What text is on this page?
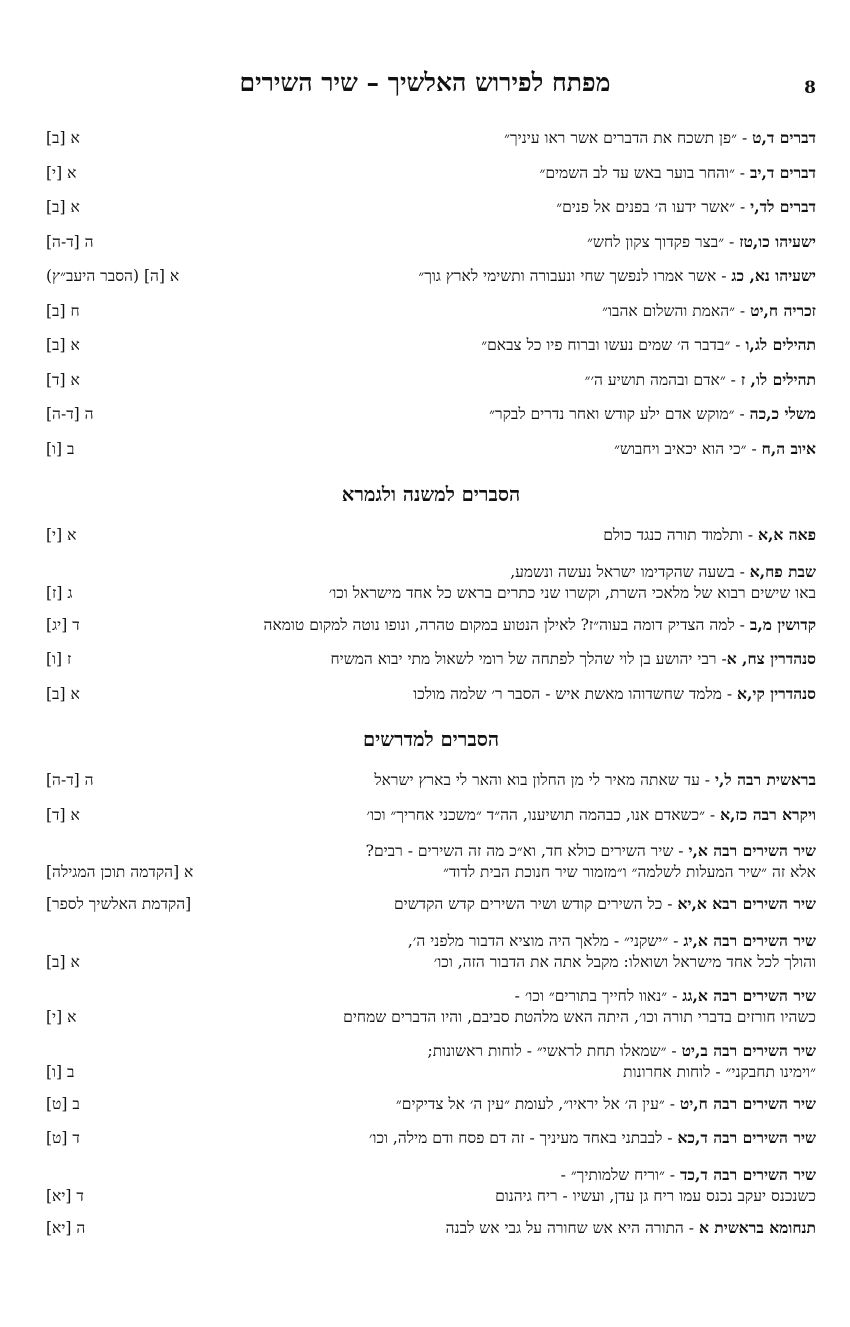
8
מפתח לפירוש האלשיך – שיר השירים
דברים ד,ט - ״פן תשכח את הדברים אשר ראו עיניך״
א [ב]
דברים ד,יב - ״והחר בוער באש עד לב השמים״
א [י]
דברים לד,י - ״אשר ידעו ה׳ בפנים אל פנים״
א [ב]
ישעיהו כו,טז - ״בצר פקדוך צקון לחש״
ה [ד-ה]
ישעיהו נא, כג - אשר אמרו לנפשך שחי ונעבורה ותשימי לארץ גוך״
א [ה] (הסבר היעב״ץ)
זכריה ח,יט - ״האמת והשלום אהבו״
ח [ב]
תהילים לג,ו - ״בדבר ה׳ שמים נעשו וברוח פיו כל צבאם״
א [ב]
תהילים לו, ז - ״אדם ובהמה תושיע ה׳״
א [ד]
משלי כ,כה - ״מוקש אדם ילע קודש ואחר נדרים לבקר״
ה [ד-ה]
איוב ה,ח - ״כי הוא יכאיב ויחבוש״
ב [ו]
הסברים למשנה ולגמרא
פאה א,א - ותלמוד תורה כנגד כולם
א [י]
שבת פח,א - בשעה שהקדימו ישראל נעשה ונשמע,
באו שישים רבוא של מלאכי השרת, וקשרו שני כתרים בראש כל אחד מישראל וכו׳
ג [ז]
קדושין מ,ב - למה הצדיק דומה בעוה״ז? לאילן הנטוע במקום טהרה, ונופו נוטה למקום טומאה
ד [יג]
סנהדרין צח, א- רבי יהושע בן לוי שהלך לפתחה של רומי לשאול מתי יבוא המשיח
ז [ו]
סנהדרין קי,א - מלמד שחשדוהו מאשת איש - הסבר ר׳ שלמה מולכו
א [ב]
הסברים למדרשים
בראשית רבה ל,י - עד שאתה מאיר לי מן החלון בוא והאר לי בארץ ישראל
ה [ד-ה]
ויקרא רבה כז,א - ״כשאדם אנו, כבהמה תושיענו, הה״ד ״משכני אחריך״ וכו׳
א [ד]
שיר השירים רבה א,י - שיר השירים כולא חד, וא״כ מה זה השירים - רבים?
אלא זה ״שיר המעלות לשלמה״ ו״מזמור שיר חנוכת הבית לדוד״
א [הקדמה תוכן המגילה]
שיר השירים רבא א,יא - כל השירים קודש ושיר השירים קדש הקדשים
[הקדמת האלשיך לספר]
שיר השירים רבה א,יג - ״ישקני״ - מלאך היה מוציא הדבור מלפני ה׳,
והולך לכל אחד מישראל ושואלו: מקבל אתה את הדבור הזה, וכו׳
א [ב]
שיר השירים רבה א,גג - ״נאוו לחייך בתורים״ וכו׳ -
כשהיו חורזים בדברי תורה וכו׳, היתה האש מלהטת סביבם, והיו הדברים שמחים
א [י]
שיר השירים רבה ב,יט - ״שמאלו תחת לראשי״ - לוחות ראשונות;
״וימינו תחבקני״ - לוחות אחרונות
ב [ו]
שיר השירים רבה ח,יט - ״עין ה׳ אל יראיו״, לעומת ״עין ה׳ אל צדיקים״
ב [ט]
שיר השירים רבה ד,כא - לבבתני באחד מעיניך - זה דם פסח ודם מילה, וכו׳
ד [ט]
שיר השירים רבה ד,כד - ״וריח שלמותיך״ -
כשנכנס יעקב נכנס עמו ריח גן עדן, ועשיו - ריח גיהנום
ד [יא]
תנחומא בראשית א - התורה היא אש שחורה על גבי אש לבנה
ה [יא]
